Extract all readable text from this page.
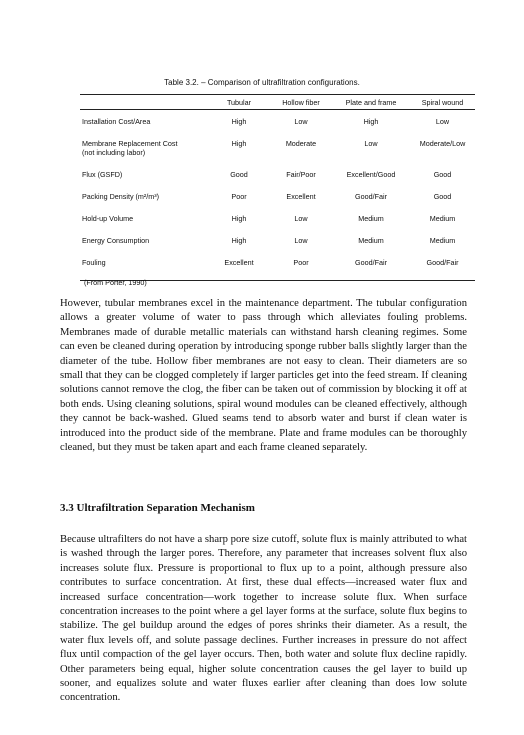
Table 3.2. – Comparison of ultrafiltration configurations.
	Tubular	Hollow fiber	Plate and frame	Spiral wound
Installation Cost/Area	High	Low	High	Low
Membrane Replacement Cost
(not including labor)	High	Moderate	Low	Moderate/Low
Flux (GSFD)	Good	Fair/Poor	Excellent/Good	Good
Packing Density (m²/m³)	Poor	Excellent	Good/Fair	Good
Hold-up Volume	High	Low	Medium	Medium
Energy Consumption	High	Low	Medium	Medium
Fouling	Excellent	Poor	Good/Fair	Good/Fair
(From Porter, 1990)
However, tubular membranes excel in the maintenance department. The tubular configuration allows a greater volume of water to pass through which alleviates fouling problems. Membranes made of durable metallic materials can withstand harsh cleaning regimes. Some can even be cleaned during operation by introducing sponge rubber balls slightly larger than the diameter of the tube. Hollow fiber membranes are not easy to clean. Their diameters are so small that they can be clogged completely if larger particles get into the feed stream. If cleaning solutions cannot remove the clog, the fiber can be taken out of commission by blocking it off at both ends. Using cleaning solutions, spiral wound modules can be cleaned effectively, although they cannot be back-washed. Glued seams tend to absorb water and burst if clean water is introduced into the product side of the membrane. Plate and frame modules can be thoroughly cleaned, but they must be taken apart and each frame cleaned separately.
3.3 Ultrafiltration Separation Mechanism
Because ultrafilters do not have a sharp pore size cutoff, solute flux is mainly attributed to what is washed through the larger pores. Therefore, any parameter that increases solvent flux also increases solute flux. Pressure is proportional to flux up to a point, although pressure also contributes to surface concentration. At first, these dual effects—increased water flux and increased surface concentration—work together to increase solute flux. When surface concentration increases to the point where a gel layer forms at the surface, solute flux begins to stabilize. The gel buildup around the edges of pores shrinks their diameter. As a result, the water flux levels off, and solute passage declines. Further increases in pressure do not affect flux until compaction of the gel layer occurs. Then, both water and solute flux decline rapidly. Other parameters being equal, higher solute concentration causes the gel layer to build up sooner, and equalizes solute and water fluxes earlier after cleaning than does low solute concentration.
